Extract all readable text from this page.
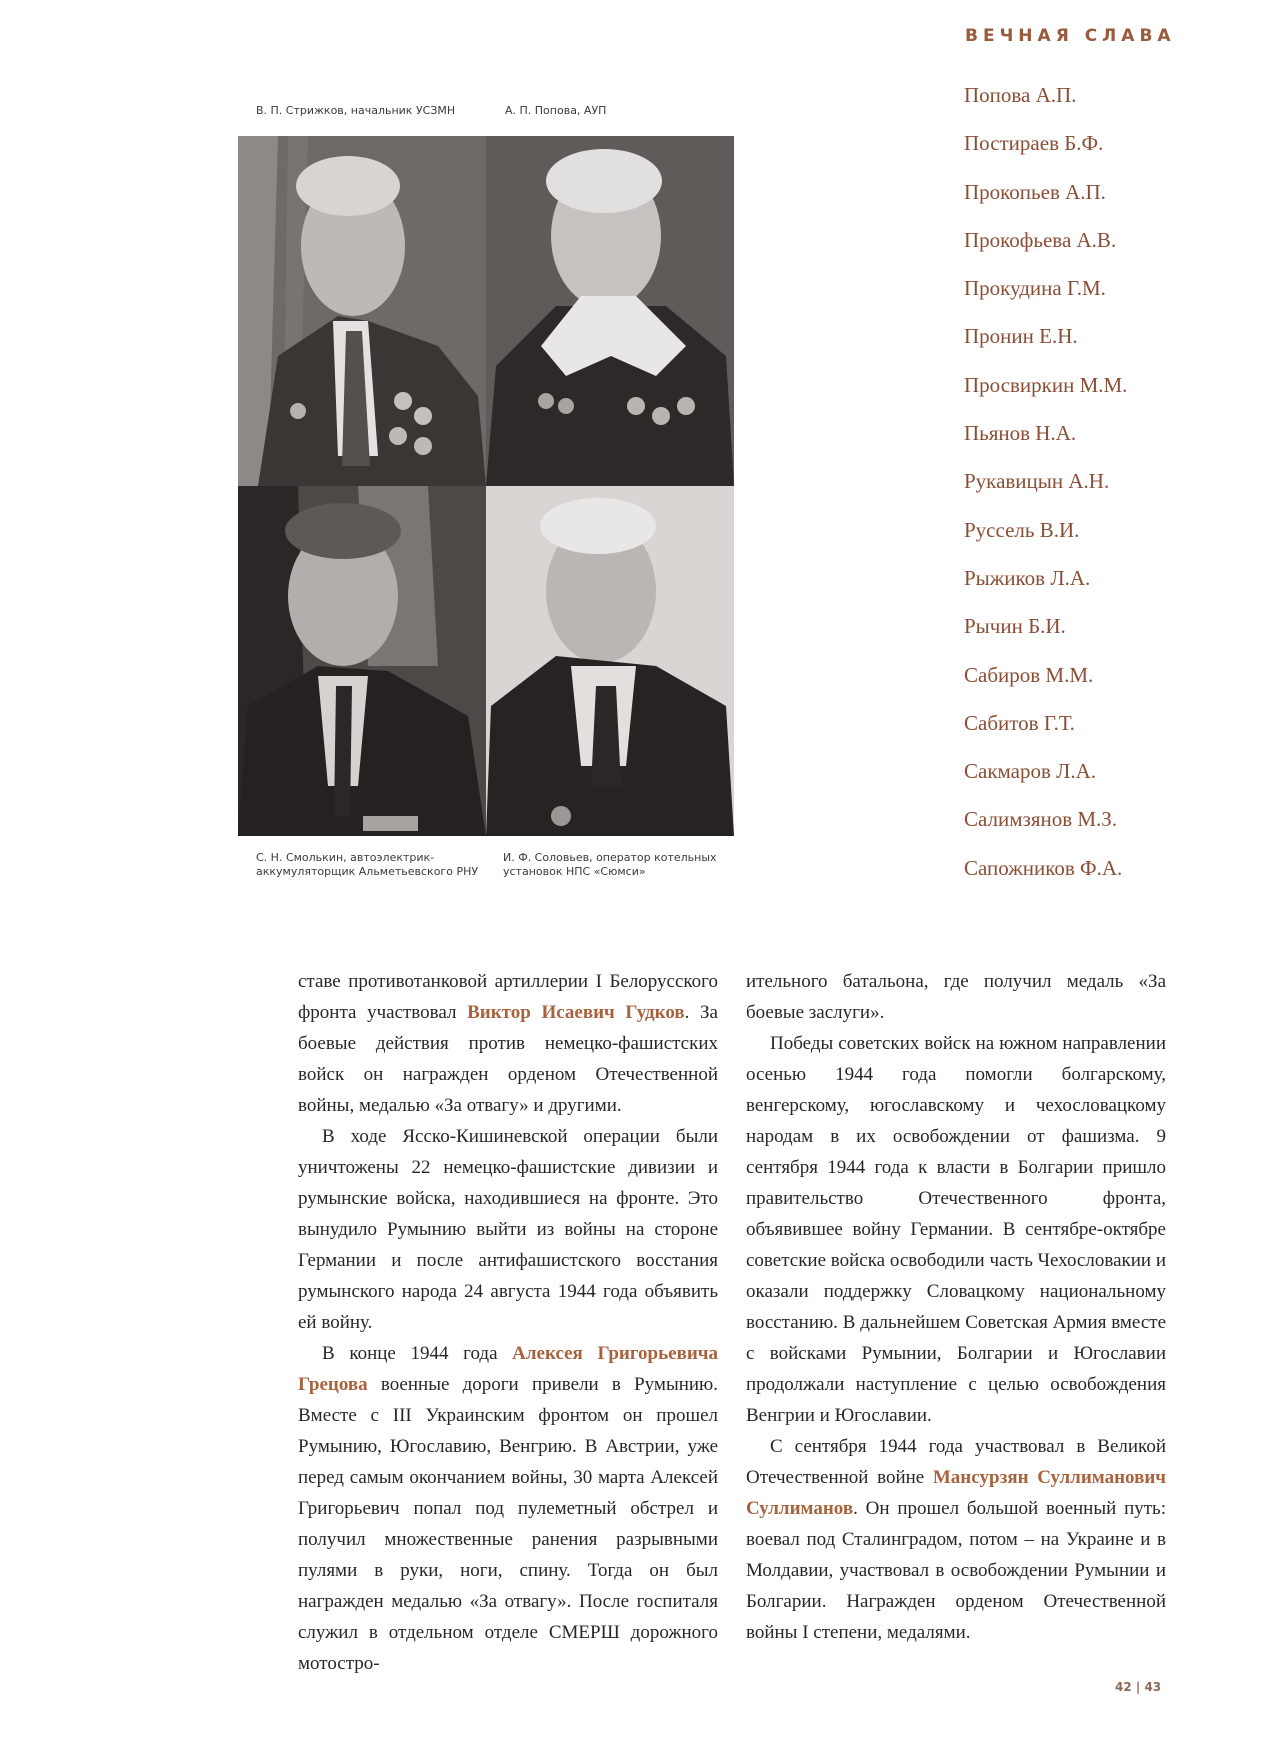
ВЕЧНАЯ СЛАВА
Попова А.П.
Постираев Б.Ф.
Прокопьев А.П.
Прокофьева А.В.
Прокудина Г.М.
Пронин Е.Н.
Просвиркин М.М.
Пьянов Н.А.
Рукавицын А.Н.
Руссель В.И.
Рыжиков Л.А.
Рычин Б.И.
Сабиров М.М.
Сабитов Г.Т.
Сакмаров Л.А.
Салимзянов М.З.
Сапожников Ф.А.
В. П. Стрижков, начальник УСЗМН	А. П. Попова, АУП
С. Н. Смолькин, автоэлектрик-
аккумуляторщик Альметьевского РНУ
И. Ф. Соловьев, оператор котельных
установок НПС «Сюмси»

ставе противотанковой артиллерии I Белорусского фронта участвовал Виктор Исаевич Гудков. За боевые действия против немецко-фашистских войск он награжден орденом Отечественной войны, медалью «За отвагу» и другими.

В ходе Ясско-Кишиневской операции были уничтожены 22 немецко-фашистские дивизии и румынские войска, находившиеся на фронте. Это вынудило Румынию выйти из войны на стороне Германии и после антифашистского восстания румынского народа 24 августа 1944 года объявить ей войну.

В конце 1944 года Алексея Григорьевича Грецова военные дороги привели в Румынию. Вместе с III Украинским фронтом он прошел Румынию, Югославию, Венгрию. В Австрии, уже перед самым окончанием войны, 30 марта Алексей Григорьевич попал под пулеметный обстрел и получил множественные ранения разрывными пулями в руки, ноги, спину. Тогда он был награжден медалью «За отвагу». После госпиталя служил в отдельном отделе СМЕРШ дорожного мотостро-

ительного батальона, где получил медаль «За боевые заслуги».

Победы советских войск на южном направлении осенью 1944 года помогли болгарскому, венгерскому, югославскому и чехословацкому народам в их освобождении от фашизма. 9 сентября 1944 года к власти в Болгарии пришло правительство Отечественного фронта, объявившее войну Германии. В сентябре-октябре советские войска освободили часть Чехословакии и оказали поддержку Словацкому национальному восстанию. В дальнейшем Советская Армия вместе с войсками Румынии, Болгарии и Югославии продолжали наступление с целью освобождения Венгрии и Югославии.

С сентября 1944 года участвовал в Великой Отечественной войне Мансурзян Суллиманович Суллиманов. Он прошел большой военный путь: воевал под Сталинградом, потом – на Украине и в Молдавии, участвовал в освобождении Румынии и Болгарии. Награжден орденом Отечественной войны I степени, медалями.

42 | 43
